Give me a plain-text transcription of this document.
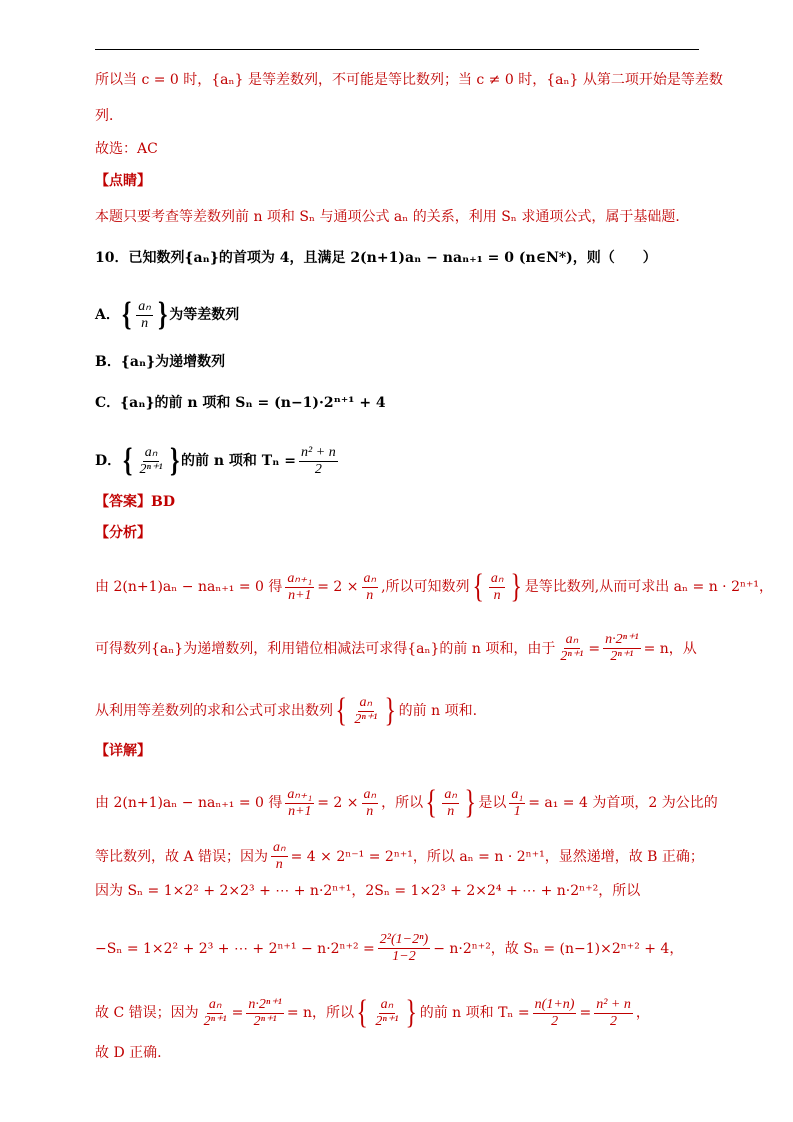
所以当 c = 0 时，{aₙ} 是等差数列，不可能是等比数列；当 c ≠ 0 时，{aₙ} 从第二项开始是等差数
列．
故选：AC
【点睛】
本题只要考查等差数列前 n 项和 Sₙ 与通项公式 aₙ 的关系，利用 Sₙ 求通项公式，属于基础题．
10．已知数列{aₙ}的首项为 4，且满足 2(n+1)aₙ − naₙ₊₁ = 0 (n∈N*)，则（　　）
A． { $\frac{\text{aₙ}}{n}$ } 为等差数列
B．{aₙ}为递增数列
C．{aₙ}的前 n 项和 Sₙ = (n−1)·2ⁿ⁺¹ + 4
D． { $\frac{\text{aₙ}}{\text{2ⁿ⁺¹}}$ } 的前 n 项和 $T_n = \frac{\text{n² + n}}{2}$
【答案】BD
【分析】
由 2(n+1)aₙ − naₙ₊₁ = 0 得 $\frac{\text{aₙ₊₁}}{n+1} = 2 \times \frac{\text{aₙ}}{n}$ ,所以可知数列 { $\frac{\text{aₙ}}{n}$ } 是等比数列,从而可求出 aₙ = n · 2ⁿ⁺¹，
可得数列{aₙ}为递增数列，利用错位相减法可求得{aₙ}的前 n 项和，由于 $\frac{\text{aₙ}}{\text{2ⁿ⁺¹}} = \frac{\text{n·2ⁿ⁺¹}}{\text{2ⁿ⁺¹}} = n$，从
从利用等差数列的求和公式可求出数列 { $\frac{\text{aₙ}}{\text{2ⁿ⁺¹}}$ } 的前 n 项和.
【详解】
由 2(n+1)aₙ − naₙ₊₁ = 0 得 $\frac{\text{aₙ₊₁}}{n+1} = 2 \times \frac{\text{aₙ}}{n}$ ，所以 { $\frac{\text{aₙ}}{n}$ } 是以 $\frac{\text{a₁}}{1} = a_1 = 4$ 为首项，2 为公比的
等比数列，故 A 错误；因为 $\frac{\text{aₙ}}{n} = 4 \times 2^{n-1} = 2^{n+1}$，所以 aₙ = n · 2ⁿ⁺¹，显然递增，故 B 正确；
因为 Sₙ = 1×2² + 2×2³ + ⋯ + n·2ⁿ⁺¹，2Sₙ = 1×2³ + 2×2⁴ + ⋯ + n·2ⁿ⁺²，所以
−Sₙ = 1×2² + 2³ + ⋯ + $2^{n+1} - n\cdot 2^{n+2} = \frac{\text{2²(1−2ⁿ)}}{1-2} - n\cdot 2^{n+2}$，故 Sₙ = (n−1)×2ⁿ⁺² + 4，
故 C 错误；因为 $\frac{\text{aₙ}}{\text{2ⁿ⁺¹}} = \frac{\text{n·2ⁿ⁺¹}}{\text{2ⁿ⁺¹}} = n$，所以 { $\frac{\text{aₙ}}{\text{2ⁿ⁺¹}}$ } 的前 n 项和 $T_n = \frac{n(1+n)}{2} = \frac{\text{n² + n}}{2}$ ，
故 D 正确.
